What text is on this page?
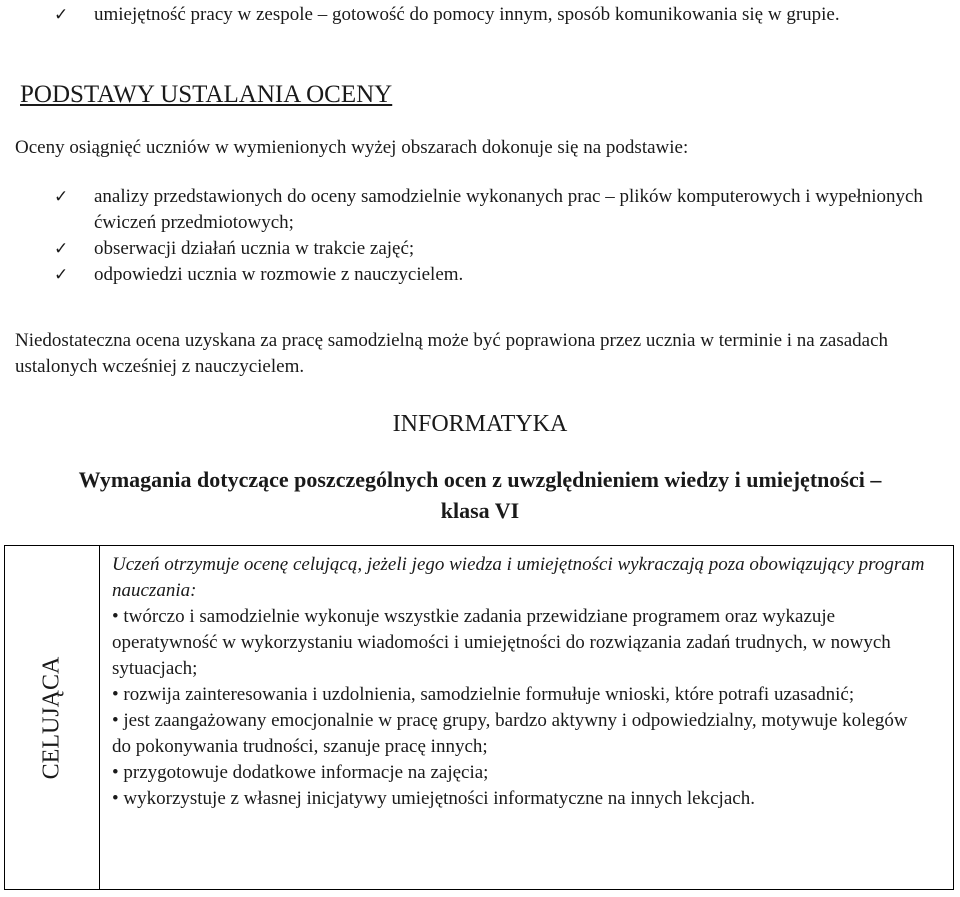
✓ umiejętność pracy w zespole – gotowość do pomocy innym, sposób komunikowania się w grupie.
PODSTAWY USTALANIA OCENY
Oceny osiągnięć uczniów w wymienionych wyżej obszarach dokonuje się na podstawie:
✓ analizy przedstawionych do oceny samodzielnie wykonanych prac – plików komputerowych i wypełnionych ćwiczeń przedmiotowych;
✓ obserwacji działań ucznia w trakcie zajęć;
✓ odpowiedzi ucznia w rozmowie z nauczycielem.
Niedostateczna ocena uzyskana za pracę samodzielną może być poprawiona przez ucznia w terminie i na zasadach ustalonych wcześniej z nauczycielem.
INFORMATYKA
Wymagania dotyczące poszczególnych ocen z uwzględnieniem wiedzy i umiejętności –
klasa VI
CELUJĄCA

Uczeń otrzymuje ocenę celującą, jeżeli jego wiedza i umiejętności wykraczają poza obowiązujący program nauczania:
• twórczo i samodzielnie wykonuje wszystkie zadania przewidziane programem oraz wykazuje operatywność w wykorzystaniu wiadomości i umiejętności do rozwiązania zadań trudnych, w nowych sytuacjach;
• rozwija zainteresowania i uzdolnienia, samodzielnie formułuje wnioski, które potrafi uzasadnić;
• jest zaangażowany emocjonalnie w pracę grupy, bardzo aktywny i odpowiedzialny, motywuje kolegów
do pokonywania trudności, szanuje pracę innych;
• przygotowuje dodatkowe informacje na zajęcia;
• wykorzystuje z własnej inicjatywy umiejętności informatyczne na innych lekcjach.
